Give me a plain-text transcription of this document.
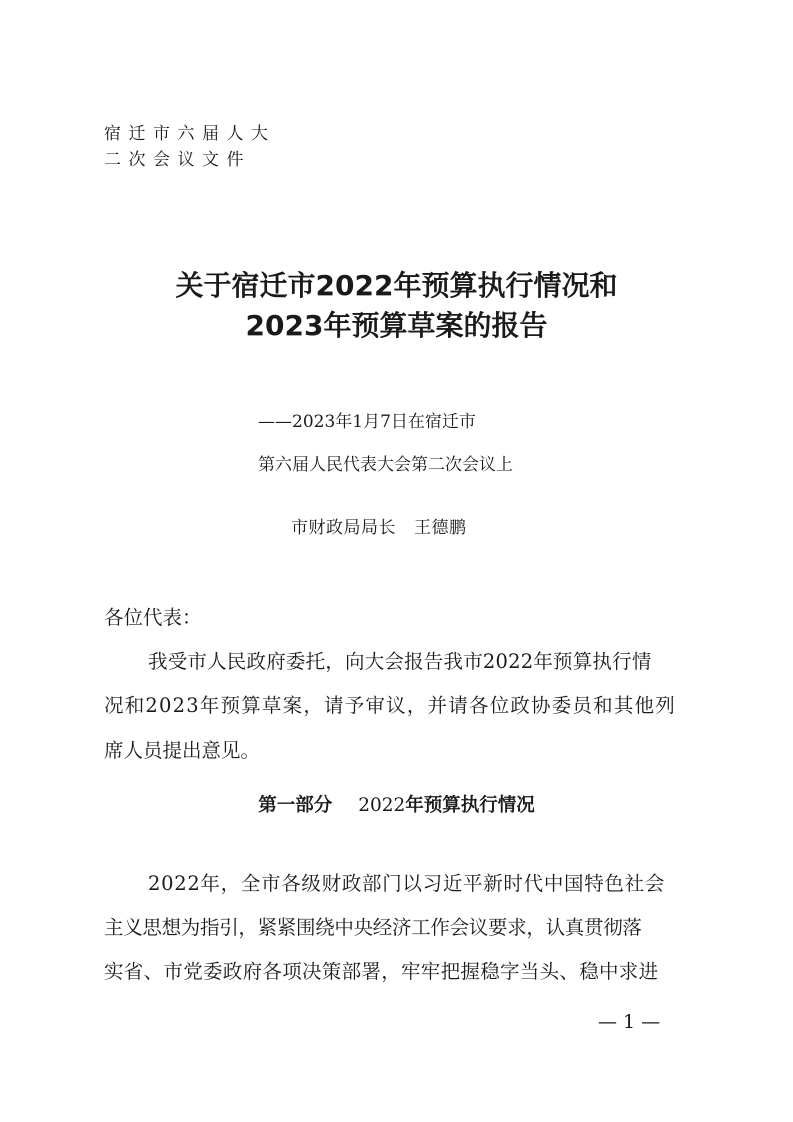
宿迁市六届人大
二次会议文件
关于宿迁市2022年预算执行情况和
2023年预算草案的报告
——2023年1月7日在宿迁市
第六届人民代表大会第二次会议上
市财政局局长 王德鹏
各位代表：
我受市人民政府委托，向大会报告我市2022年预算执行情
况和2023年预算草案，请予审议，并请各位政协委员和其他列
席人员提出意见。
第一部分 2022年预算执行情况
2022年，全市各级财政部门以习近平新时代中国特色社会
主义思想为指引，紧紧围绕中央经济工作会议要求，认真贯彻落
实省、市党委政府各项决策部署，牢牢把握稳字当头、稳中求进
— 1 —
